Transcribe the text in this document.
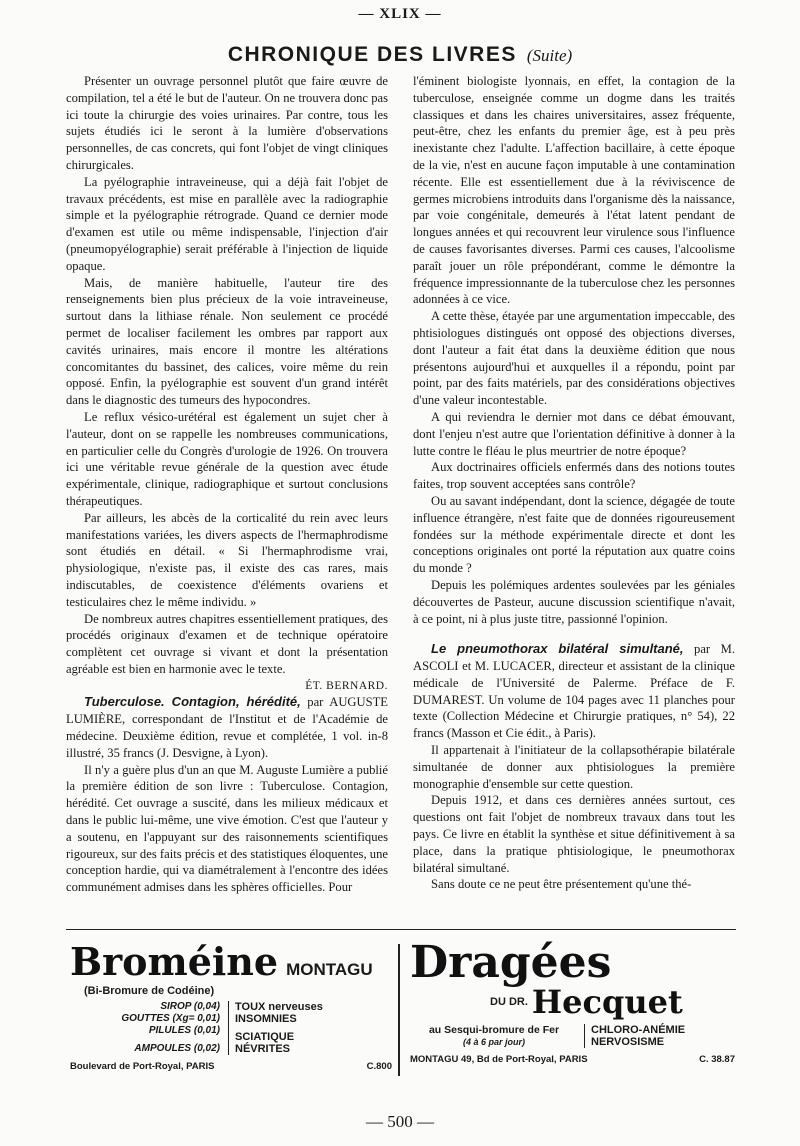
— XLIX —
CHRONIQUE DES LIVRES (Suite)

Présenter un ouvrage personnel plutôt que faire œuvre de compilation, tel a été le but de l'auteur. On ne trouvera donc pas ici toute la chirurgie des voies urinaires. Par contre, tous les sujets étudiés ici le seront à la lumière d'observations personnelles, de cas concrets, qui font l'objet de vingt cliniques chirurgicales.

La pyélographie intraveineuse, qui a déjà fait l'objet de travaux précédents, est mise en parallèle avec la radiographie simple et la pyélographie rétrograde. Quand ce dernier mode d'examen est utile ou même indispensable, l'injection d'air (pneumopyélographie) serait préférable à l'injection de liquide opaque.

Mais, de manière habituelle, l'auteur tire des renseignements bien plus précieux de la voie intraveineuse, surtout dans la lithiase rénale. Non seulement ce procédé permet de localiser facilement les ombres par rapport aux cavités urinaires, mais encore il montre les altérations concomitantes du bassinet, des calices, voire même du rein opposé. Enfin, la pyélographie est souvent d'un grand intérêt dans le diagnostic des tumeurs des hypocondres.

Le reflux vésico-urétéral est également un sujet cher à l'auteur, dont on se rappelle les nombreuses communications, en particulier celle du Congrès d'urologie de 1926. On trouvera ici une véritable revue générale de la question avec étude expérimentale, clinique, radiographique et surtout conclusions thérapeutiques.

Par ailleurs, les abcès de la corticalité du rein avec leurs manifestations variées, les divers aspects de l'hermaphrodisme sont étudiés en détail. « Si l'hermaphrodisme vrai, physiologique, n'existe pas, il existe des cas rares, mais indiscutables, de coexistence d'éléments ovariens et testiculaires chez le même individu. »

De nombreux autres chapitres essentiellement pratiques, des procédés originaux d'examen et de technique opératoire complètent cet ouvrage si vivant et dont la présentation agréable est bien en harmonie avec le texte.

ÉT. BERNARD.

Tuberculose. Contagion, hérédité, par AUGUSTE LUMIÈRE, correspondant de l'Institut et de l'Académie de médecine. Deuxième édition, revue et complétée, 1 vol. in-8 illustré, 35 francs (J. Desvigne, à Lyon).

Il n'y a guère plus d'un an que M. Auguste Lumière a publié la première édition de son livre : Tuberculose. Contagion, hérédité. Cet ouvrage a suscité, dans les milieux médicaux et dans le public lui-même, une vive émotion. C'est que l'auteur y a soutenu, en l'appuyant sur des raisonnements scientifiques rigoureux, sur des faits précis et des statistiques éloquentes, une conception hardie, qui va diamétralement à l'encontre des idées communément admises dans les sphères officielles. Pour

l'éminent biologiste lyonnais, en effet, la contagion de la tuberculose, enseignée comme un dogme dans les traités classiques et dans les chaires universitaires, assez fréquente, peut-être, chez les enfants du premier âge, est à peu près inexistante chez l'adulte. L'affection bacillaire, à cette époque de la vie, n'est en aucune façon imputable à une contamination récente. Elle est essentiellement due à la réviviscence de germes microbiens introduits dans l'organisme dès la naissance, par voie congénitale, demeurés à l'état latent pendant de longues années et qui recouvrent leur virulence sous l'influence de causes favorisantes diverses. Parmi ces causes, l'alcoolisme paraît jouer un rôle prépondérant, comme le démontre la fréquence impressionnante de la tuberculose chez les personnes adonnées à ce vice.

A cette thèse, étayée par une argumentation impeccable, des phtisiologues distingués ont opposé des objections diverses, dont l'auteur a fait état dans la deuxième édition que nous présentons aujourd'hui et auxquelles il a répondu, point par point, par des faits matériels, par des considérations objectives d'une valeur incontestable.

A qui reviendra le dernier mot dans ce débat émouvant, dont l'enjeu n'est autre que l'orientation définitive à donner à la lutte contre le fléau le plus meurtrier de notre époque?

Aux doctrinaires officiels enfermés dans des notions toutes faites, trop souvent acceptées sans contrôle?

Ou au savant indépendant, dont la science, dégagée de toute influence étrangère, n'est faite que de données rigoureusement fondées sur la méthode expérimentale directe et dont les conceptions originales ont porté la réputation aux quatre coins du monde ?

Depuis les polémiques ardentes soulevées par les géniales découvertes de Pasteur, aucune discussion scientifique n'avait, à ce point, ni à plus juste titre, passionné l'opinion.

Le pneumothorax bilatéral simultané, par M. ASCOLI et M. LUCACER, directeur et assistant de la clinique médicale de l'Université de Palerme. Préface de F. DUMAREST. Un volume de 104 pages avec 11 planches pour texte (Collection Médecine et Chirurgie pratiques, n° 54), 22 francs (Masson et Cie édit., à Paris).

Il appartenait à l'initiateur de la collapsothérapie bilatérale simultanée de donner aux phtisiologues la première monographie d'ensemble sur cette question.

Depuis 1912, et dans ces dernières années surtout, ces questions ont fait l'objet de nombreux travaux dans tout les pays. Ce livre en établit la synthèse et situe définitivement à sa place, dans la pratique phtisiologique, le pneumothorax bilatéral simultané.

Sans doute ce ne peut être présentement qu'une thé-

Broméine MONTAGU
(Bi-Bromure de Codéine)
SIROP (0,04)
GOUTTES (Xg= 0,01)
PILULES (0,01)
AMPOULES (0,02)
TOUX nerveuses
INSOMNIES
SCIATIQUE
NÉVRITES
Boulevard de Port-Royal, PARIS	C.800
Dragées
DU DR. Hecquet
au Sesqui-bromure de Fer
(4 à 6 par jour)
CHLORO-ANÉMIE
NERVOSISME
MONTAGU 49, Bd de Port-Royal, PARIS	C. 38.87
— 500 —
